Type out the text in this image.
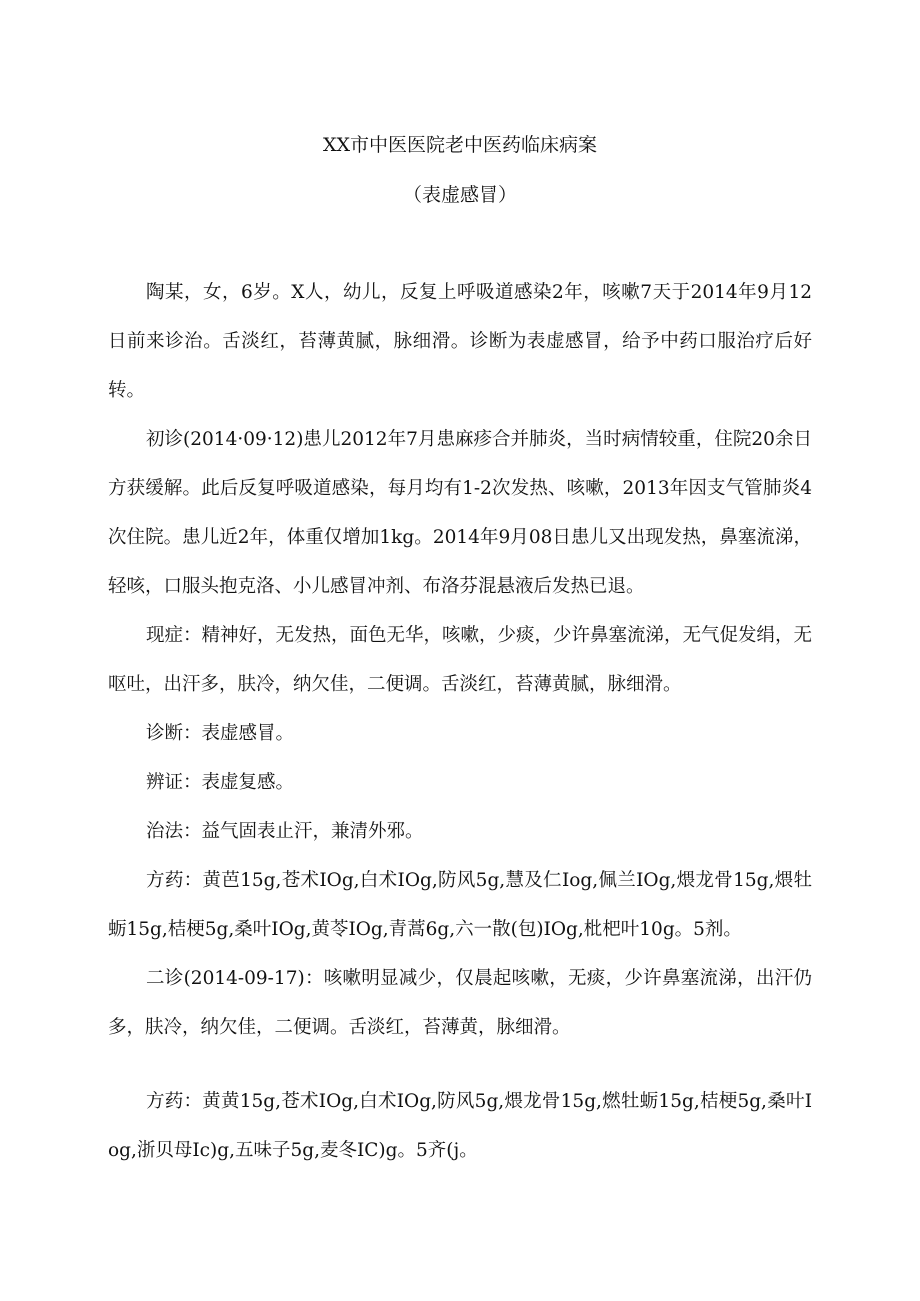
XX市中医医院老中医药临床病案
（表虚感冒）

陶某，女，6岁。X人，幼儿，反复上呼吸道感染2年，咳嗽7天于2014年9月12日前来诊治。舌淡红，苔薄黄腻，脉细滑。诊断为表虚感冒，给予中药口服治疗后好转。

初诊(2014·09·12)患儿2012年7月患麻疹合并肺炎，当时病情较重，住院20余日方获缓解。此后反复呼吸道感染，每月均有1-2次发热、咳嗽，2013年因支气管肺炎4次住院。患儿近2年，体重仅增加1kg。2014年9月08日患儿又出现发热，鼻塞流涕，轻咳，口服头抱克洛、小儿感冒冲剂、布洛芬混悬液后发热已退。

现症：精神好，无发热，面色无华，咳嗽，少痰，少许鼻塞流涕，无气促发绢，无呕吐，出汗多，肤冷，纳欠佳，二便调。舌淡红，苔薄黄腻，脉细滑。

诊断：表虚感冒。

辨证：表虚复感。

治法：益气固表止汗，兼清外邪。

方药：黄芭15g,苍术IOg,白术IOg,防风5g,慧及仁Iog,佩兰IOg,煨龙骨15g,煨牡蛎15g,桔梗5g,桑叶IOg,黄苓IOg,青蒿6g,六一散(包)IOg,枇杷叶10g。5剂。

二诊(2014-09-17)：咳嗽明显减少，仅晨起咳嗽，无痰，少许鼻塞流涕，出汗仍多，肤冷，纳欠佳，二便调。舌淡红，苔薄黄，脉细滑。

方药：黄黄15g,苍术IOg,白术IOg,防风5g,煨龙骨15g,燃牡蛎15g,桔梗5g,桑叶Iog,浙贝母Ic)g,五味子5g,麦冬IC)g。5齐(j。
